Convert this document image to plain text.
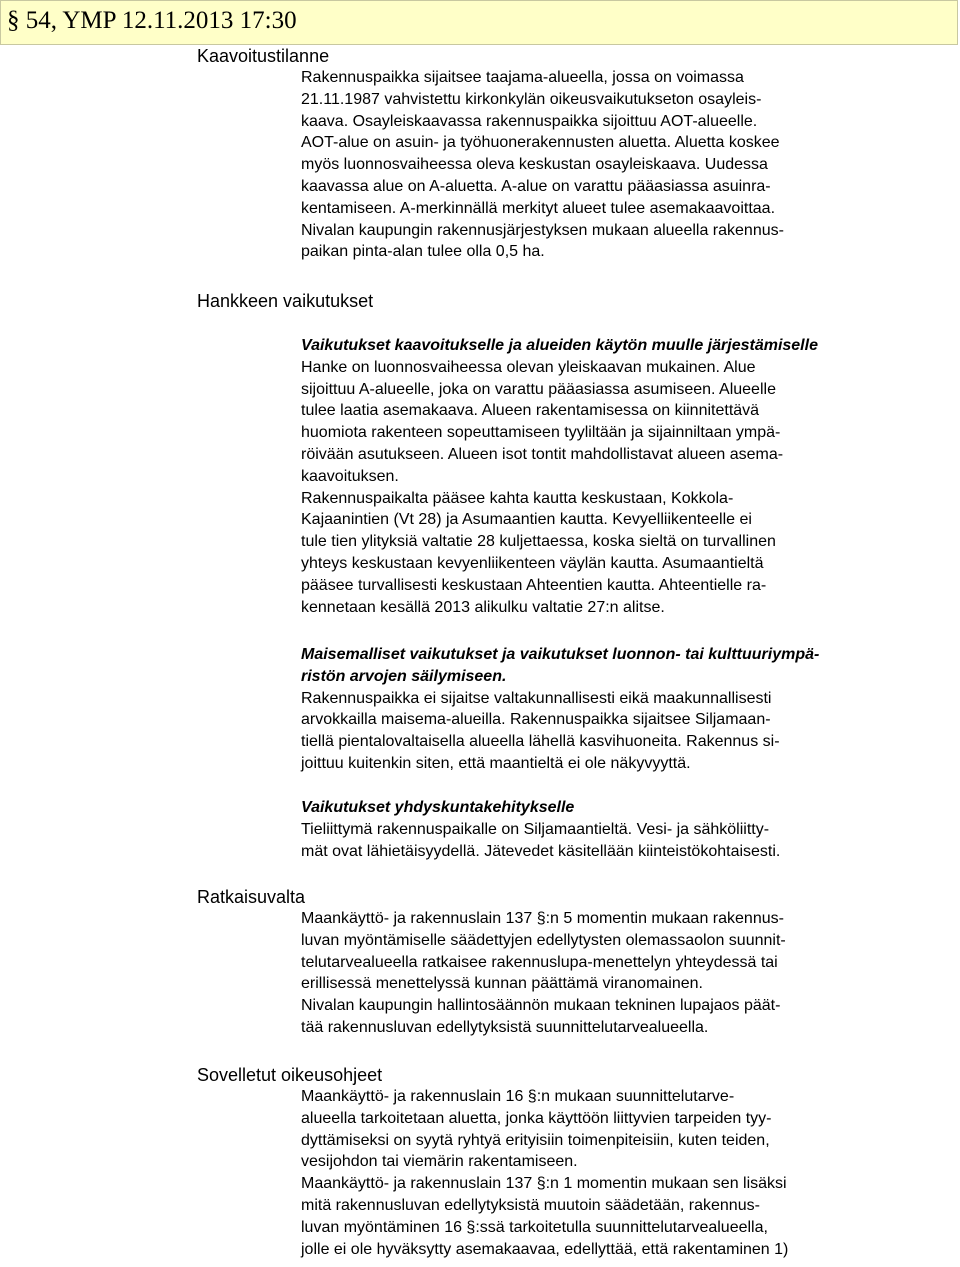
§ 54, YMP 12.11.2013 17:30
Kaavoitustilanne
Rakennuspaikka sijaitsee taajama-alueella, jossa on voimassa
21.11.1987 vahvistettu kirkonkylän oikeusvaikutukseton osayleis-
kaava. Osayleiskaavassa rakennuspaikka sijoittuu AOT-alueelle.
AOT-alue on asuin- ja työhuonerakennusten aluetta. Aluetta koskee
myös luonnosvaiheessa oleva keskustan osayleiskaava. Uudessa
kaavassa alue on A-aluetta. A-alue on varattu pääasiassa asuinra-
kentamiseen. A-merkinnällä merkityt alueet tulee asemakaavoittaa.
Nivalan kaupungin rakennusjärjestyksen mukaan alueella rakennus-
paikan pinta-alan tulee olla 0,5 ha.
Hankkeen vaikutukset
Vaikutukset kaavoitukselle ja alueiden käytön muulle järjestämiselle
Hanke on luonnosvaiheessa olevan yleiskaavan mukainen. Alue
sijoittuu A-alueelle, joka on varattu pääasiassa asumiseen. Alueelle
tulee laatia asemakaava. Alueen rakentamisessa on kiinnitettävä
huomiota rakenteen sopeuttamiseen tyyliltään ja sijainniltaan ympä-
röivään asutukseen. Alueen isot tontit mahdollistavat alueen asema-
kaavoituksen.
Rakennuspaikalta pääsee kahta kautta keskustaan, Kokkola-
Kajaanintien (Vt 28) ja Asumaantien kautta. Kevyelliikenteelle ei
tule tien ylityksiä valtatie 28 kuljettaessa, koska sieltä on turvallinen
yhteys keskustaan kevyenliikenteen väylän kautta. Asumaantieltä
pääsee turvallisesti keskustaan Ahteentien kautta. Ahteentielle ra-
kennetaan kesällä 2013 alikulku valtatie 27:n alitse.
Maisemalliset vaikutukset ja vaikutukset luonnon- tai kulttuuriympä-
ristön arvojen säilymiseen.
Rakennuspaikka ei sijaitse valtakunnallisesti eikä maakunnallisesti
arvokkailla maisema-alueilla. Rakennuspaikka sijaitsee Siljamaan-
tiellä pientalovaltaisella alueella lähellä kasvihuoneita. Rakennus si-
joittuu kuitenkin siten, että maantieltä ei ole näkyvyyttä.
Vaikutukset yhdyskuntakehitykselle
Tieliittymä rakennuspaikalle on Siljamaantieltä. Vesi- ja sähköliitty-
mät ovat lähietäisyydellä. Jätevedet käsitellään kiinteistökohtaisesti.
Ratkaisuvalta
Maankäyttö- ja rakennuslain 137 §:n 5 momentin mukaan rakennus-
luvan myöntämiselle säädettyjen edellytysten olemassaolon suunnit-
telutarvealueella ratkaisee rakennuslupa-menettelyn yhteydessä tai
erillisessä menettelyssä kunnan päättämä viranomainen.
Nivalan kaupungin hallintosäännön mukaan tekninen lupajaos päät-
tää rakennusluvan edellytyksistä suunnittelutarvealueella.
Sovelletut oikeusohjeet
Maankäyttö- ja rakennuslain 16 §:n mukaan suunnittelutarve-
alueella tarkoitetaan aluetta, jonka käyttöön liittyvien tarpeiden tyy-
dyttämiseksi on syytä ryhtyä erityisiin toimenpiteisiin, kuten teiden,
vesijohdon tai viemärin rakentamiseen.
Maankäyttö- ja rakennuslain 137 §:n 1 momentin mukaan sen lisäksi
mitä rakennusluvan edellytyksistä muutoin säädetään, rakennus-
luvan myöntäminen 16 §:ssä tarkoitetulla suunnittelutarvealueella,
jolle ei ole hyväksytty asemakaavaa, edellyttää, että rakentaminen 1)
